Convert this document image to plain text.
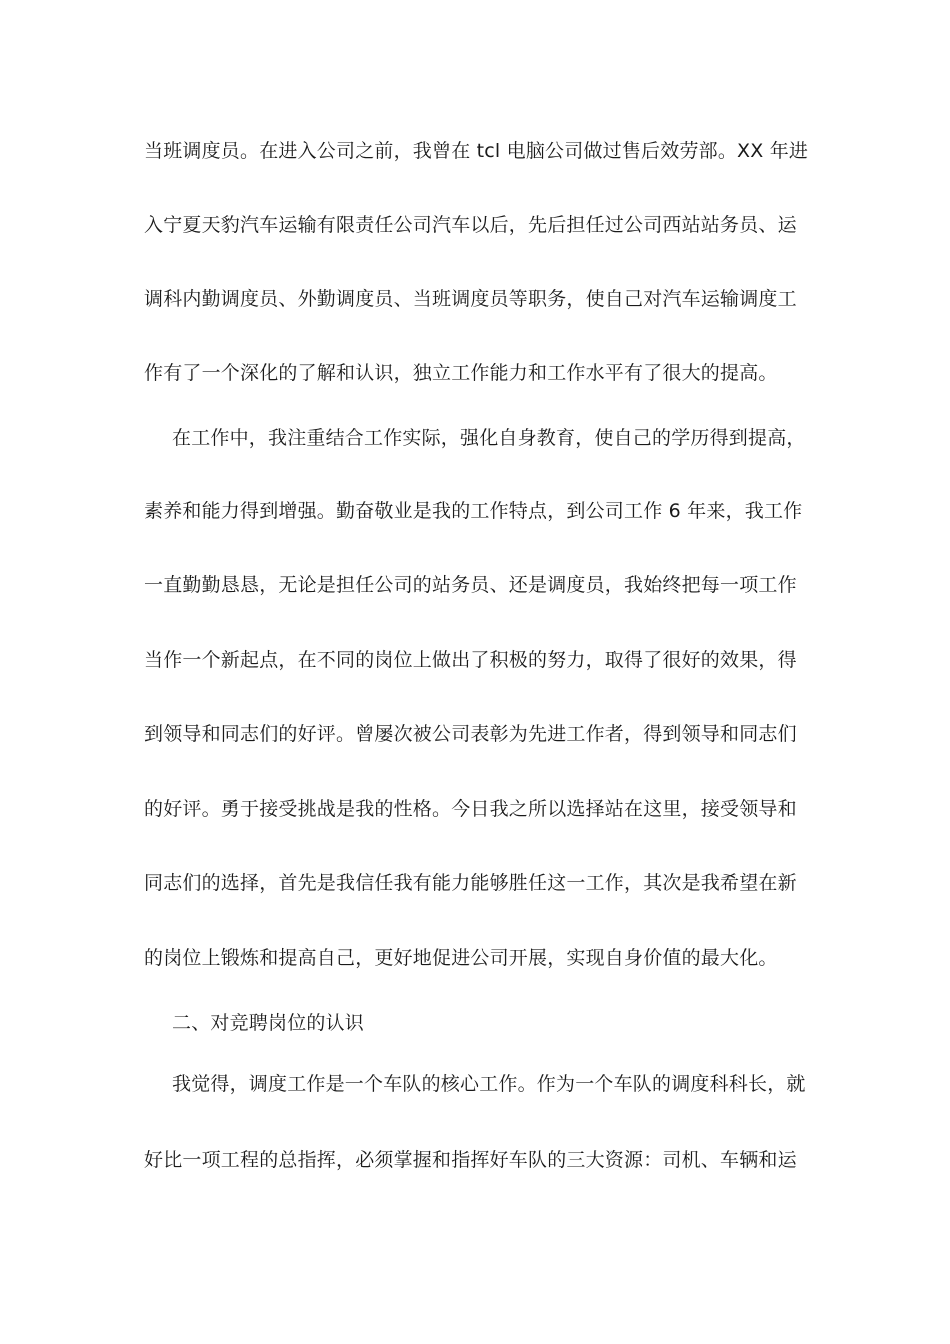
当班调度员。在进入公司之前，我曾在 tcl 电脑公司做过售后效劳部。XX 年进
入宁夏天豹汽车运输有限责任公司汽车以后，先后担任过公司西站站务员、运
调科内勤调度员、外勤调度员、当班调度员等职务，使自己对汽车运输调度工
作有了一个深化的了解和认识，独立工作能力和工作水平有了很大的提高。
在工作中，我注重结合工作实际，强化自身教育，使自己的学历得到提高，
素养和能力得到增强。勤奋敬业是我的工作特点，到公司工作 6 年来，我工作
一直勤勤恳恳，无论是担任公司的站务员、还是调度员，我始终把每一项工作
当作一个新起点，在不同的岗位上做出了积极的努力，取得了很好的效果，得
到领导和同志们的好评。曾屡次被公司表彰为先进工作者，得到领导和同志们
的好评。勇于接受挑战是我的性格。今日我之所以选择站在这里，接受领导和
同志们的选择，首先是我信任我有能力能够胜任这一工作，其次是我希望在新
的岗位上锻炼和提高自己，更好地促进公司开展，实现自身价值的最大化。
二、对竞聘岗位的认识
我觉得，调度工作是一个车队的核心工作。作为一个车队的调度科科长，就
好比一项工程的总指挥，必须掌握和指挥好车队的三大资源：司机、车辆和运
